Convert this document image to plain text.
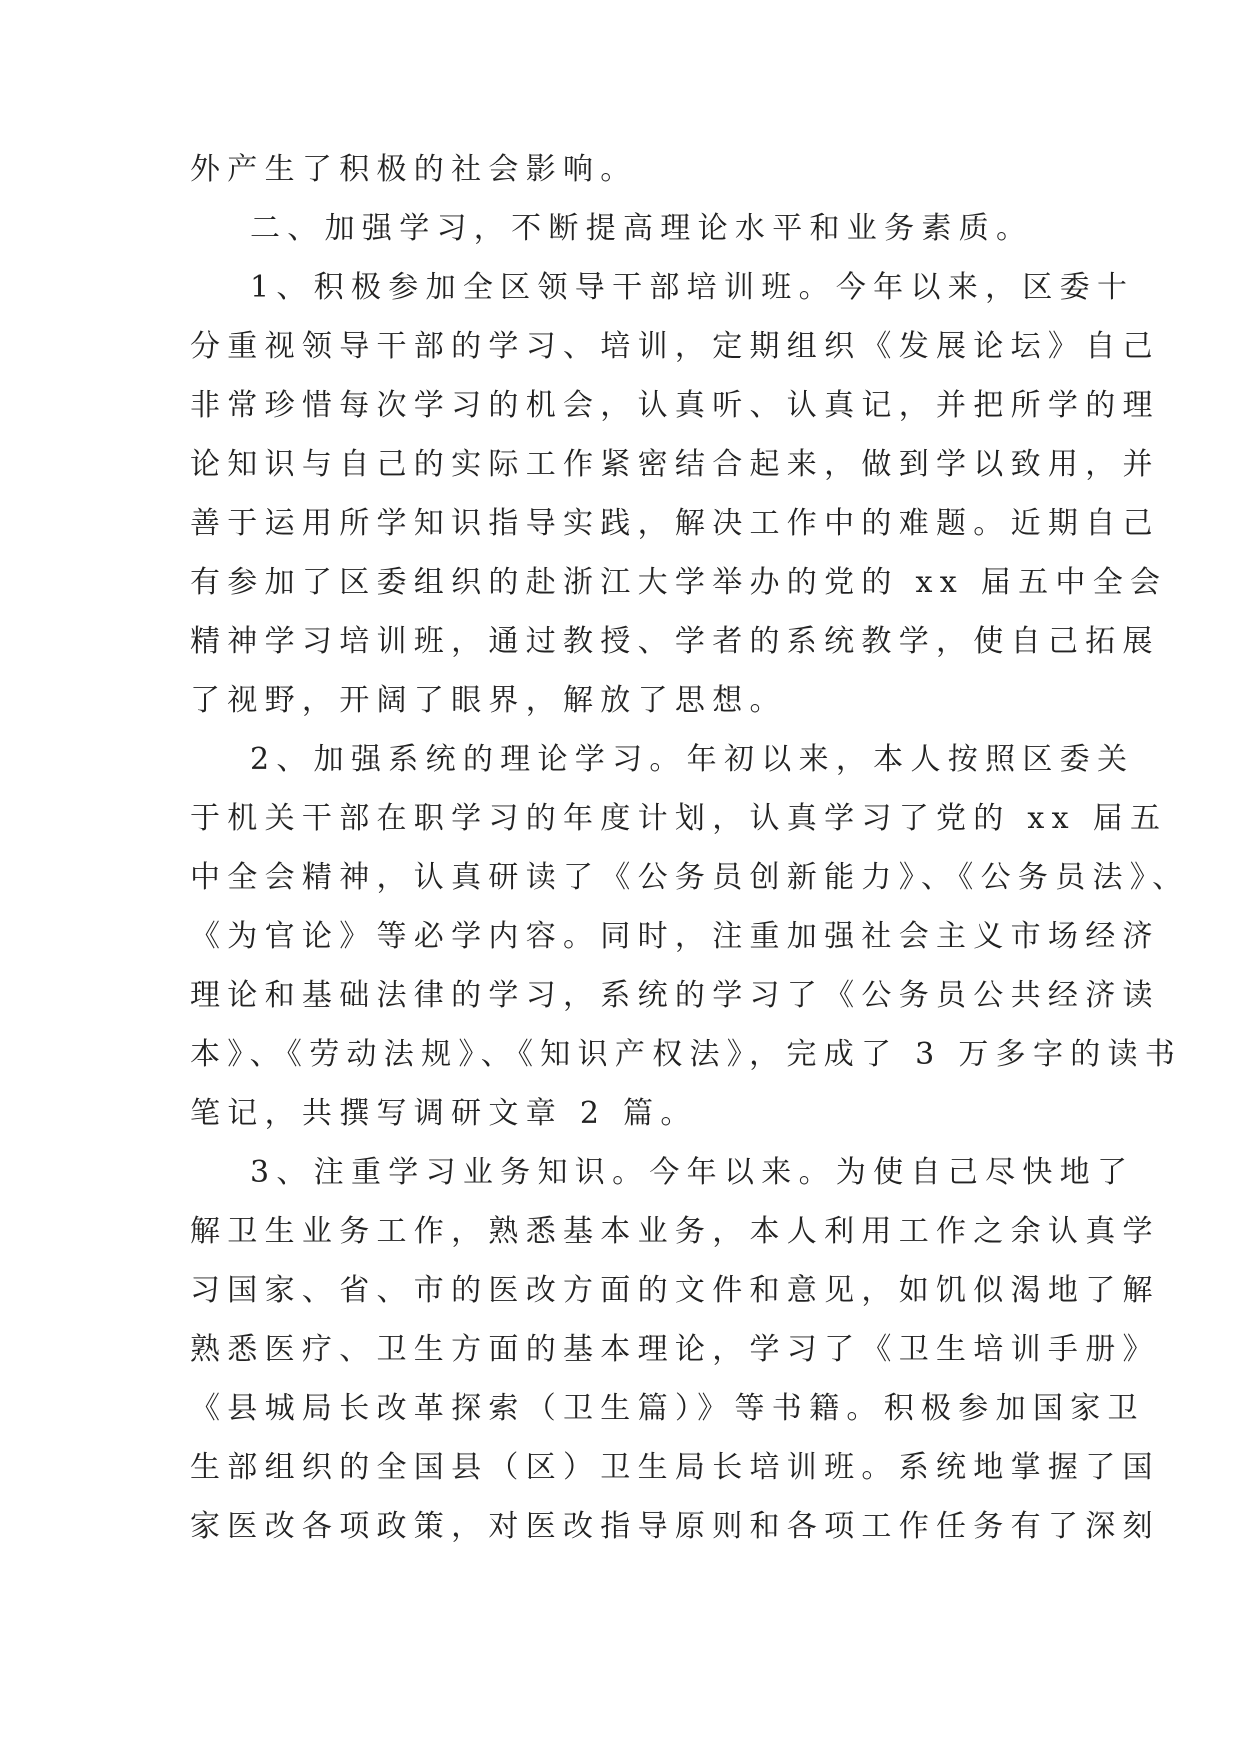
外产生了积极的社会影响。

二、加强学习，不断提高理论水平和业务素质。

1、积极参加全区领导干部培训班。今年以来，区委十

分重视领导干部的学习、培训，定期组织《发展论坛》自己

非常珍惜每次学习的机会，认真听、认真记，并把所学的理

论知识与自己的实际工作紧密结合起来，做到学以致用，并

善于运用所学知识指导实践，解决工作中的难题。近期自己

有参加了区委组织的赴浙江大学举办的党的 xx 届五中全会

精神学习培训班，通过教授、学者的系统教学，使自己拓展

了视野，开阔了眼界，解放了思想。

2、加强系统的理论学习。年初以来，本人按照区委关

于机关干部在职学习的年度计划，认真学习了党的 xx 届五

中全会精神，认真研读了《公务员创新能力》、《公务员法》、

《为官论》等必学内容。同时，注重加强社会主义市场经济

理论和基础法律的学习，系统的学习了《公务员公共经济读

本》、《劳动法规》、《知识产权法》，完成了 3 万多字的读书

笔记，共撰写调研文章 2 篇。

3、注重学习业务知识。今年以来。为使自己尽快地了

解卫生业务工作，熟悉基本业务，本人利用工作之余认真学

习国家、省、市的医改方面的文件和意见，如饥似渴地了解

熟悉医疗、卫生方面的基本理论，学习了《卫生培训手册》

《县城局长改革探索（卫生篇）》等书籍。积极参加国家卫

生部组织的全国县（区）卫生局长培训班。系统地掌握了国

家医改各项政策，对医改指导原则和各项工作任务有了深刻
